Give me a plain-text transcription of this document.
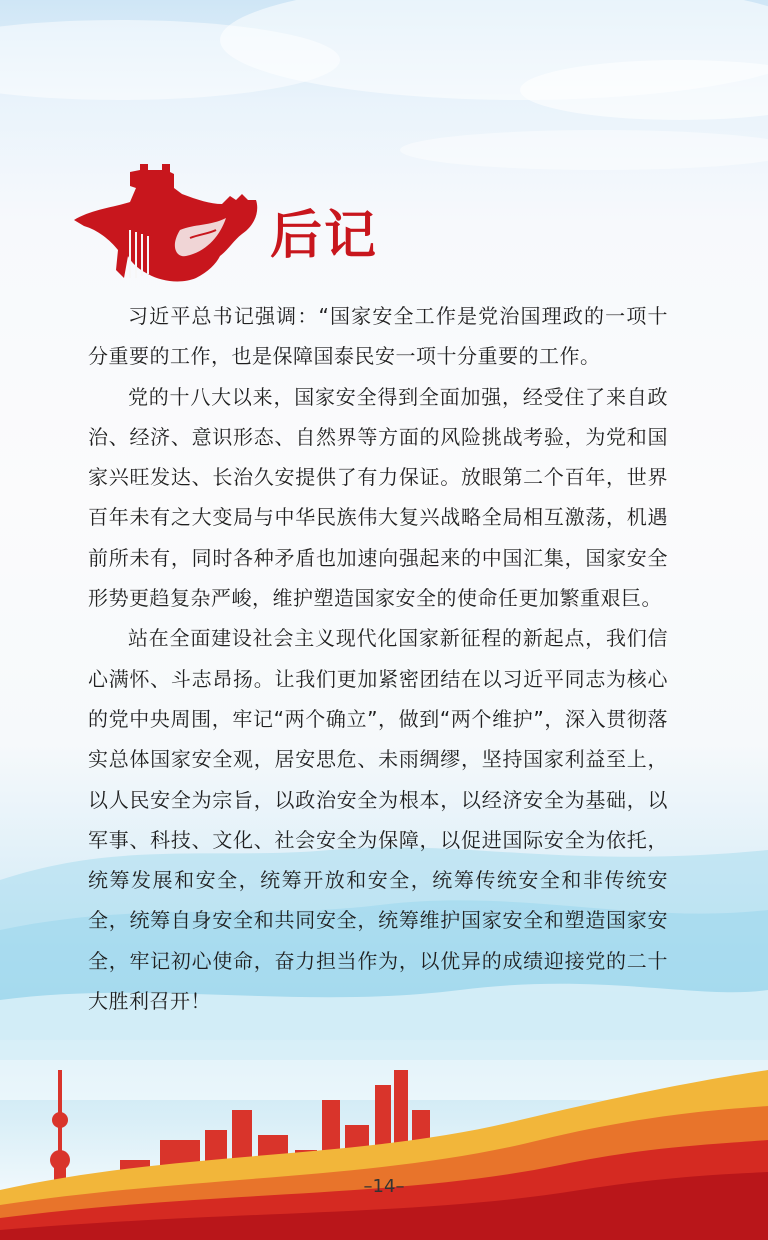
后记

习近平总书记强调：“国家安全工作是党治国理政的一项十分重要的工作，也是保障国泰民安一项十分重要的工作。

党的十八大以来，国家安全得到全面加强，经受住了来自政治、经济、意识形态、自然界等方面的风险挑战考验，为党和国家兴旺发达、长治久安提供了有力保证。放眼第二个百年，世界百年未有之大变局与中华民族伟大复兴战略全局相互激荡，机遇前所未有，同时各种矛盾也加速向强起来的中国汇集，国家安全形势更趋复杂严峻，维护塑造国家安全的使命任更加繁重艰巨。

站在全面建设社会主义现代化国家新征程的新起点，我们信心满怀、斗志昂扬。让我们更加紧密团结在以习近平同志为核心的党中央周围，牢记“两个确立”，做到“两个维护”，深入贯彻落实总体国家安全观，居安思危、未雨绸缪，坚持国家利益至上，以人民安全为宗旨，以政治安全为根本，以经济安全为基础，以军事、科技、文化、社会安全为保障，以促进国际安全为依托，统筹发展和安全，统筹开放和安全，统筹传统安全和非传统安全，统筹自身安全和共同安全，统筹维护国家安全和塑造国家安全，牢记初心使命，奋力担当作为，以优异的成绩迎接党的二十大胜利召开！

–14–
